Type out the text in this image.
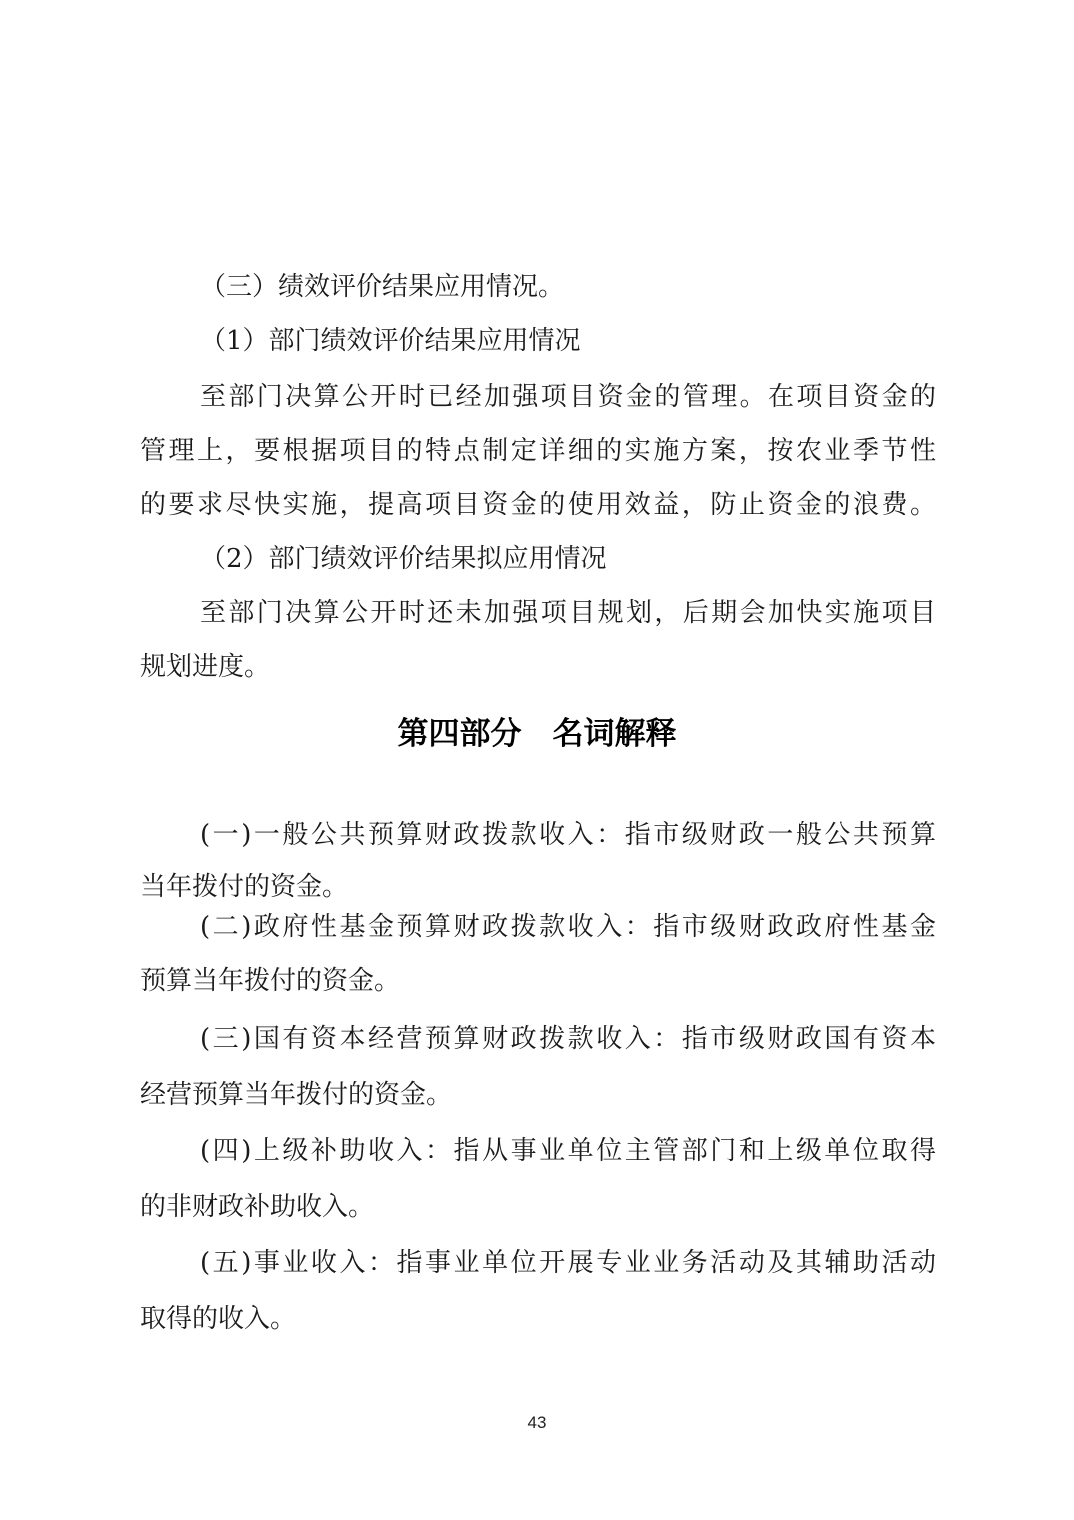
（三）绩效评价结果应用情况。
（1）部门绩效评价结果应用情况
至部门决算公开时已经加强项目资金的管理。在项目资金的
管理上，要根据项目的特点制定详细的实施方案，按农业季节性
的要求尽快实施，提高项目资金的使用效益，防止资金的浪费。
（2）部门绩效评价结果拟应用情况
至部门决算公开时还未加强项目规划，后期会加快实施项目
规划进度。
第四部分　名词解释
(一)一般公共预算财政拨款收入：指市级财政一般公共预算
当年拨付的资金。
(二)政府性基金预算财政拨款收入：指市级财政政府性基金
预算当年拨付的资金。
(三)国有资本经营预算财政拨款收入：指市级财政国有资本
经营预算当年拨付的资金。
(四)上级补助收入：指从事业单位主管部门和上级单位取得
的非财政补助收入。
(五)事业收入：指事业单位开展专业业务活动及其辅助活动
取得的收入。
43
